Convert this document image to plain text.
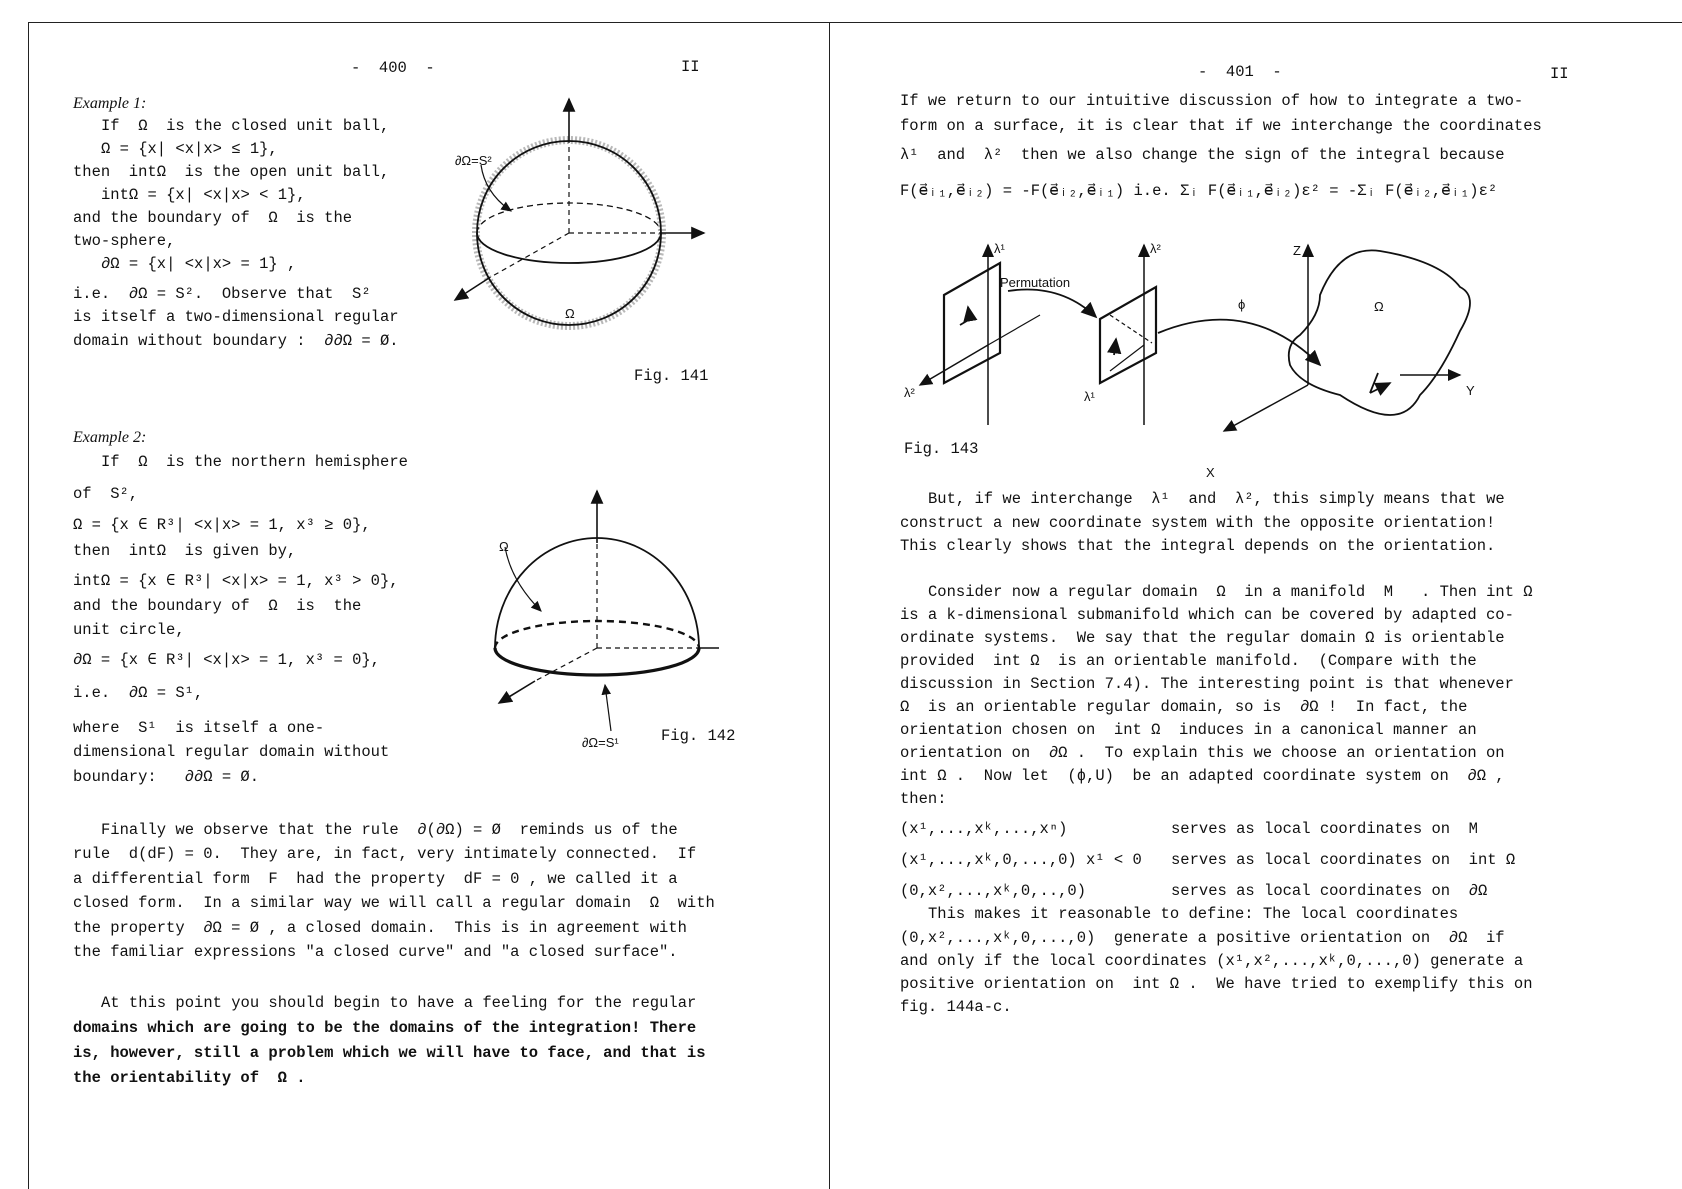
-  400  -	II
Example 1:
If  Ω  is the closed unit ball,
Ω = {x| <x|x> ≤ 1},
then  intΩ  is the open unit ball,
intΩ = {x| <x|x> < 1},
and the boundary of  Ω  is the
two-sphere,
∂Ω = {x| <x|x> = 1} ,
i.e.  ∂Ω = S².  Observe that  S²
is itself a two-dimensional regular
domain without boundary :  ∂∂Ω = Ø.
∂Ω=S²
Ω
Fig. 141
Example 2:
If  Ω  is the northern hemisphere
of  S²,
Ω = {x ∈ R³| <x|x> = 1, x³ ≥ 0},
then  intΩ  is given by,
intΩ = {x ∈ R³| <x|x> = 1, x³ > 0},
and the boundary of  Ω  is  the
unit circle,
∂Ω = {x ∈ R³| <x|x> = 1, x³ = 0},
i.e.  ∂Ω = S¹,
where  S¹  is itself a one-
dimensional regular domain without
boundary:   ∂∂Ω = Ø.
Ω
∂Ω=S¹	Fig. 142
Finally we observe that the rule  ∂(∂Ω) = Ø  reminds us of the
rule  d(dF) = 0.  They are, in fact, very intimately connected.  If
a differential form  F  had the property  dF = 0 , we called it a
closed form.  In a similar way we will call a regular domain  Ω  with
the property  ∂Ω = Ø , a closed domain.  This is in agreement with
the familiar expressions "a closed curve" and "a closed surface".
At this point you should begin to have a feeling for the regular
domains which are going to be the domains of the integration! There
is, however, still a problem which we will have to face, and that is
the orientability of  Ω .
-  401  -	II
If we return to our intuitive discussion of how to integrate a two-
form on a surface, it is clear that if we interchange the coordinates
λ¹  and  λ²  then we also change the sign of the integral because
F(e⃗ᵢ₁,e⃗ᵢ₂) = -F(e⃗ᵢ₂,e⃗ᵢ₁) i.e. Σᵢ F(e⃗ᵢ₁,e⃗ᵢ₂)ε² = -Σᵢ F(e⃗ᵢ₂,e⃗ᵢ₁)ε²
λ¹	λ²
Permutation
λ²	λ¹
ϕ	Ω
Z
Y
X
Fig. 143
But, if we interchange  λ¹  and  λ², this simply means that we
construct a new coordinate system with the opposite orientation!
This clearly shows that the integral depends on the orientation.
Consider now a regular domain  Ω  in a manifold  M   . Then int Ω
is a k-dimensional submanifold which can be covered by adapted co-
ordinate systems.  We say that the regular domain Ω is orientable
provided  int Ω  is an orientable manifold.  (Compare with the
discussion in Section 7.4). The interesting point is that whenever
Ω  is an orientable regular domain, so is  ∂Ω !  In fact, the
orientation chosen on  int Ω  induces in a canonical manner an
orientation on  ∂Ω .  To explain this we choose an orientation on
int Ω .  Now let  (ϕ,U)  be an adapted coordinate system on  ∂Ω ,
then:
(x¹,...,xᵏ,...,xⁿ)	serves as local coordinates on  M
(x¹,...,xᵏ,0,...,0) x¹ < 0 serves as local coordinates on  int Ω
(0,x²,...,xᵏ,0,..,0)	serves as local coordinates on  ∂Ω
This makes it reasonable to define: The local coordinates
(0,x²,...,xᵏ,0,...,0)  generate a positive orientation on  ∂Ω  if
and only if the local coordinates (x¹,x²,...,xᵏ,0,...,0) generate a
positive orientation on  int Ω .  We have tried to exemplify this on
fig. 144a-c.
